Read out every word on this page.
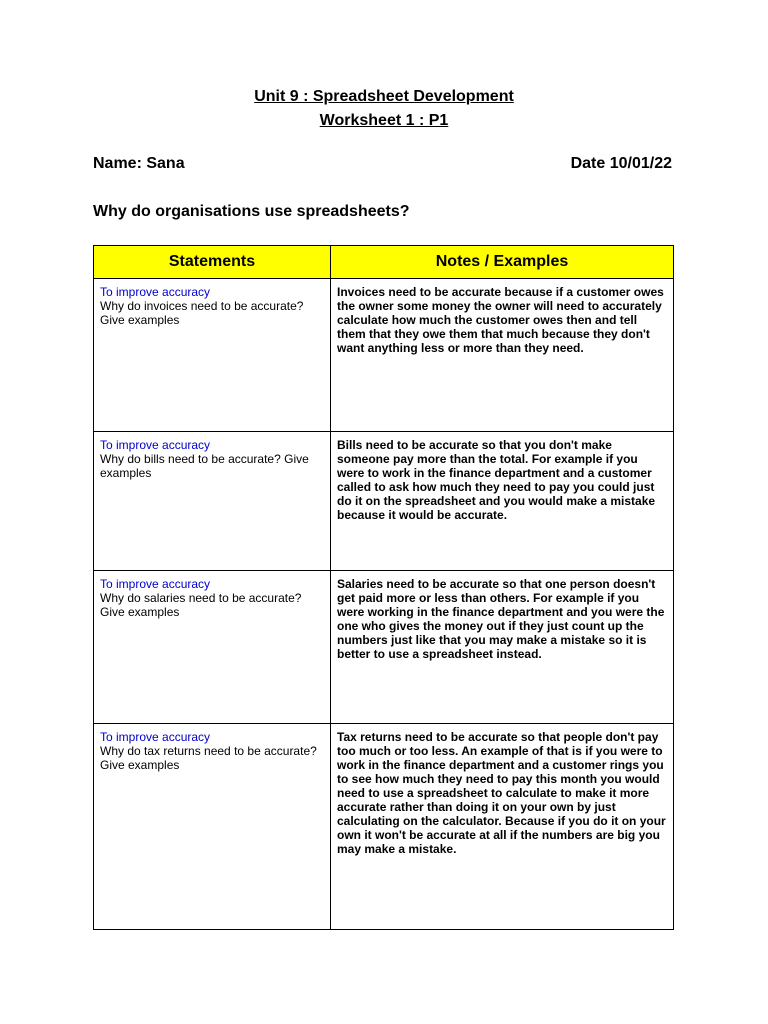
Unit 9 : Spreadsheet Development
Worksheet 1 : P1
Name: Sana	Date 10/01/22
Why do organisations use spreadsheets?
Statements	Notes / Examples

To improve accuracy
Why do invoices need to be accurate? Give examples	Invoices need to be accurate because if a customer owes the owner some money the owner will need to accurately calculate how much the customer owes then and tell them that they owe them that much because they don't want anything less or more than they need.

To improve accuracy
Why do bills need to be accurate? Give examples	Bills need to be accurate so that you don't make someone pay more than the total. For example if you were to work in the finance department and a customer called to ask how much they need to pay you could just do it on the spreadsheet and you would make a mistake because it would be accurate.

To improve accuracy
Why do salaries need to be accurate? Give examples	Salaries need to be accurate so that one person doesn't get paid more or less than others. For example if you were working in the finance department and you were the one who gives the money out if they just count up the numbers just like that you may make a mistake so it is better to use a spreadsheet instead.

To improve accuracy
Why do tax returns need to be accurate? Give examples	Tax returns need to be accurate so that people don't pay too much or too less. An example of that is if you were to work in the finance department and a customer rings you to see how much they need to pay this month you would need to use a spreadsheet to calculate to make it more accurate rather than doing it on your own by just calculating on the calculator. Because if you do it on your own it won't be accurate at all if the numbers are big you may make a mistake.
